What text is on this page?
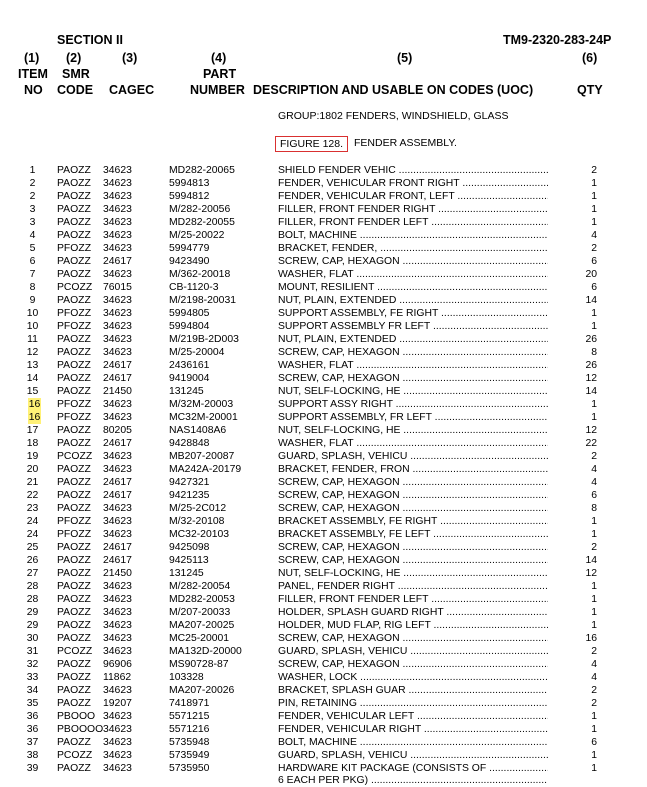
SECTION II	TM9-2320-283-24P
(1) (2)	(3)	(4)	(5)	(6)
ITEM SMR	PART
NO CODE CAGEC	NUMBER DESCRIPTION AND USABLE ON CODES (UOC)	QTY
GROUP:1802 FENDERS, WINDSHIELD, GLASS
FIGURE 128.	FENDER ASSEMBLY.
1	PAOZZ 34623	MD282-20065	SHIELD FENDER VEHIC .....	2
2	PAOZZ 34623	5994813	FENDER, VEHICULAR FRONT RIGHT .....	1
2	PAOZZ 34623	5994812	FENDER, VEHICULAR FRONT, LEFT .....	1
3	PAOZZ 34623	M/282-20056	FILLER, FRONT FENDER RIGHT .....	1
3	PAOZZ 34623	MD282-20055	FILLER, FRONT FENDER LEFT .....	1
4	PAOZZ 34623	M/25-20022	BOLT, MACHINE .....	4
5	PFOZZ 34623	5994779	BRACKET, FENDER, .....	2
6	PAOZZ 24617	9423490	SCREW, CAP, HEXAGON .....	6
7	PAOZZ 34623	M/362-20018	WASHER, FLAT .....	20
8	PCOZZ 76015	CB-1120-3	MOUNT, RESILIENT .....	6
9	PAOZZ 34623	M/2198-20031	NUT, PLAIN, EXTENDED .....	14
10	PFOZZ 34623	5994805	SUPPORT ASSEMBLY, FE RIGHT .....	1
10	PFOZZ 34623	5994804	SUPPORT ASSEMBLY FR LEFT .....	1
11	PAOZZ 34623	M/219B-2D003	NUT, PLAIN, EXTENDED .....	26
12	PAOZZ 34623	M/25-20004	SCREW, CAP, HEXAGON .....	8
13	PAOZZ 24617	2436161	WASHER, FLAT .....	26
14	PAOZZ 24617	9419004	SCREW, CAP, HEXAGON .....	12
15	PAOZZ 21450	131245	NUT, SELF-LOCKING, HE .....	14
16 PFOZZ 34623	M/32M-20003	SUPPORT ASSY RIGHT .....	1
16 PFOZZ 34623	MC32M-20001	SUPPORT ASSEMBLY, FR LEFT .....	1
17	PAOZZ 80205	NAS1408A6	NUT, SELF-LOCKING, HE .....	12
18	PAOZZ 24617	9428848	WASHER, FLAT .....	22
19	PCOZZ 34623	MB207-20087	GUARD, SPLASH, VEHICU .....	2
20	PAOZZ 34623	MA242A-20179	BRACKET, FENDER, FRON .....	4
21	PAOZZ 24617	9427321	SCREW, CAP, HEXAGON .....	4
22	PAOZZ 24617	9421235	SCREW, CAP, HEXAGON .....	6
23	PAOZZ 34623	M/25-2C012	SCREW, CAP, HEXAGON .....	8
24	PFOZZ 34623	M/32-20108	BRACKET ASSEMBLY, FE RIGHT .....	1
24	PFOZZ 34623	MC32-20103	BRACKET ASSEMBLY, FE LEFT .....	1
25	PAOZZ 24617	9425098	SCREW, CAP, HEXAGON .....	2
26	PAOZZ 24617	9425113	SCREW, CAP, HEXAGON .....	14
27	PAOZZ 21450	131245	NUT, SELF-LOCKING, HE .....	12
28	PAOZZ 34623	M/282-20054	PANEL, FENDER RIGHT .....	1
28	PAOZZ 34623	MD282-20053	FILLER, FRONT FENDER LEFT .....	1
29	PAOZZ 34623	M/207-20033	HOLDER, SPLASH GUARD RIGHT .....	1
29	PAOZZ 34623	MA207-20025	HOLDER, MUD FLAP, RIG LEFT .....	1
30	PAOZZ 34623	MC25-20001	SCREW, CAP, HEXAGON .....	16
31	PCOZZ 34623	MA132D-20000	GUARD, SPLASH, VEHICU .....	2
32	PAOZZ 96906	MS90728-87	SCREW, CAP, HEXAGON .....	4
33	PAOZZ 11862	103328	WASHER, LOCK .....	4
34	PAOZZ 34623	MA207-20026	BRACKET, SPLASH GUAR .....	2
35	PAOZZ 19207	7418971	PIN, RETAINING .....	2
36	PBOOO 34623	5571215	FENDER, VEHICULAR LEFT .....	1
36	PBOOOO 34623	5571216	FENDER, VEHICULAR RIGHT .....	1
37	PAOZZ 34623	5735948	BOLT, MACHINE .....	6
38	PCOZZ 34623	5735949	GUARD, SPLASH, VEHICU .....	1
39	PAOZZ 34623	5735950	HARDWARE KIT PACKAGE (CONSISTS OF .....	1
6 EACH PER PKG) .....
